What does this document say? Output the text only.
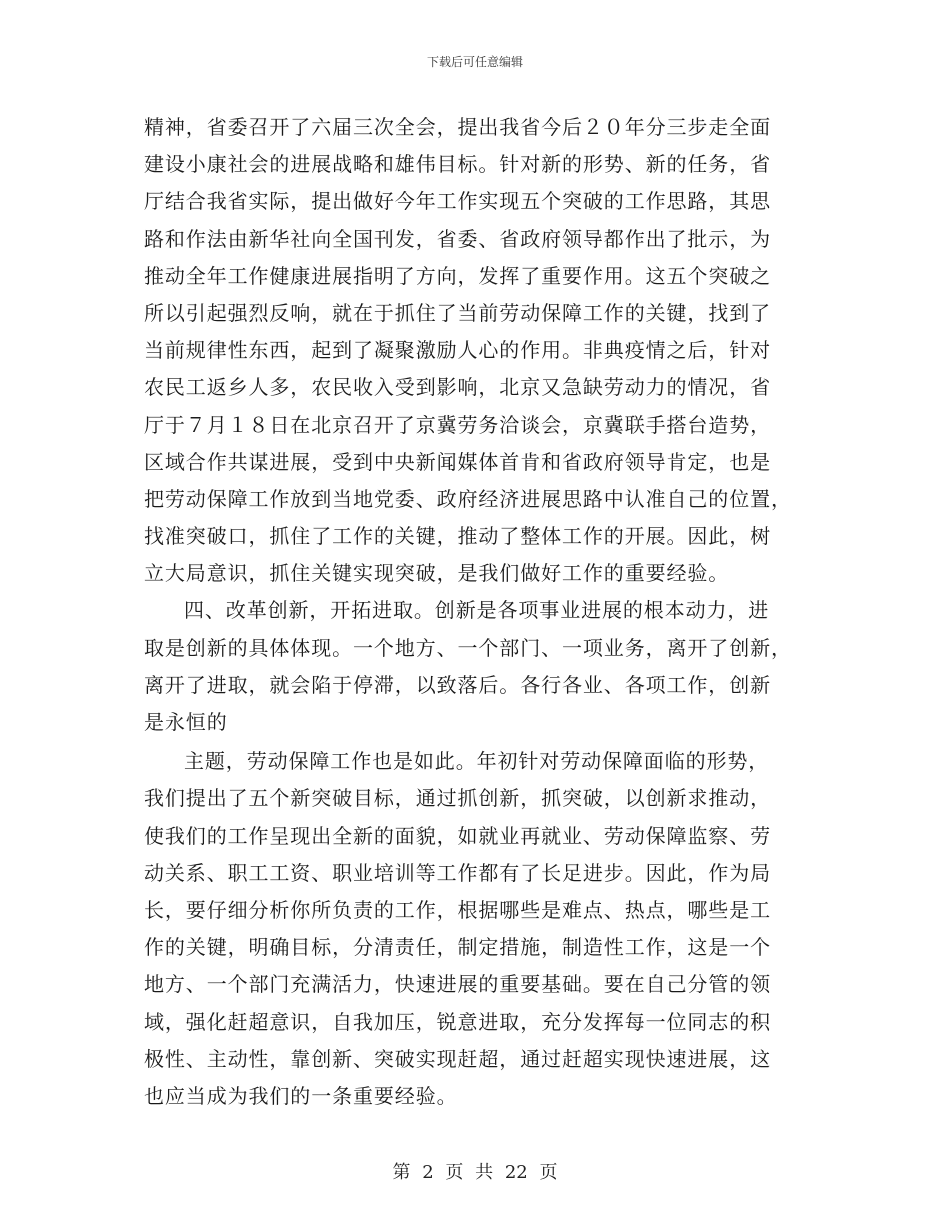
下载后可任意编辑
精神，省委召开了六届三次全会，提出我省今后２０年分三步走全面
建设小康社会的进展战略和雄伟目标。针对新的形势、新的任务，省
厅结合我省实际，提出做好今年工作实现五个突破的工作思路，其思
路和作法由新华社向全国刊发，省委、省政府领导都作出了批示，为
推动全年工作健康进展指明了方向，发挥了重要作用。这五个突破之
所以引起强烈反响，就在于抓住了当前劳动保障工作的关键，找到了
当前规律性东西，起到了凝聚激励人心的作用。非典疫情之后，针对
农民工返乡人多，农民收入受到影响，北京又急缺劳动力的情况，省
厅于７月１８日在北京召开了京冀劳务洽谈会，京冀联手搭台造势，
区域合作共谋进展，受到中央新闻媒体首肯和省政府领导肯定，也是
把劳动保障工作放到当地党委、政府经济进展思路中认准自己的位置，
找准突破口，抓住了工作的关键，推动了整体工作的开展。因此，树
立大局意识，抓住关键实现突破，是我们做好工作的重要经验。
四、改革创新，开拓进取。创新是各项事业进展的根本动力，进
取是创新的具体体现。一个地方、一个部门、一项业务，离开了创新，
离开了进取，就会陷于停滞，以致落后。各行各业、各项工作，创新
是永恒的
主题，劳动保障工作也是如此。年初针对劳动保障面临的形势，
我们提出了五个新突破目标，通过抓创新，抓突破，以创新求推动，
使我们的工作呈现出全新的面貌，如就业再就业、劳动保障监察、劳
动关系、职工工资、职业培训等工作都有了长足进步。因此，作为局
长，要仔细分析你所负责的工作，根据哪些是难点、热点，哪些是工
作的关键，明确目标，分清责任，制定措施，制造性工作，这是一个
地方、一个部门充满活力，快速进展的重要基础。要在自己分管的领
域，强化赶超意识，自我加压，锐意进取，充分发挥每一位同志的积
极性、主动性，靠创新、突破实现赶超，通过赶超实现快速进展，这
也应当成为我们的一条重要经验。
第 2 页 共 22 页
